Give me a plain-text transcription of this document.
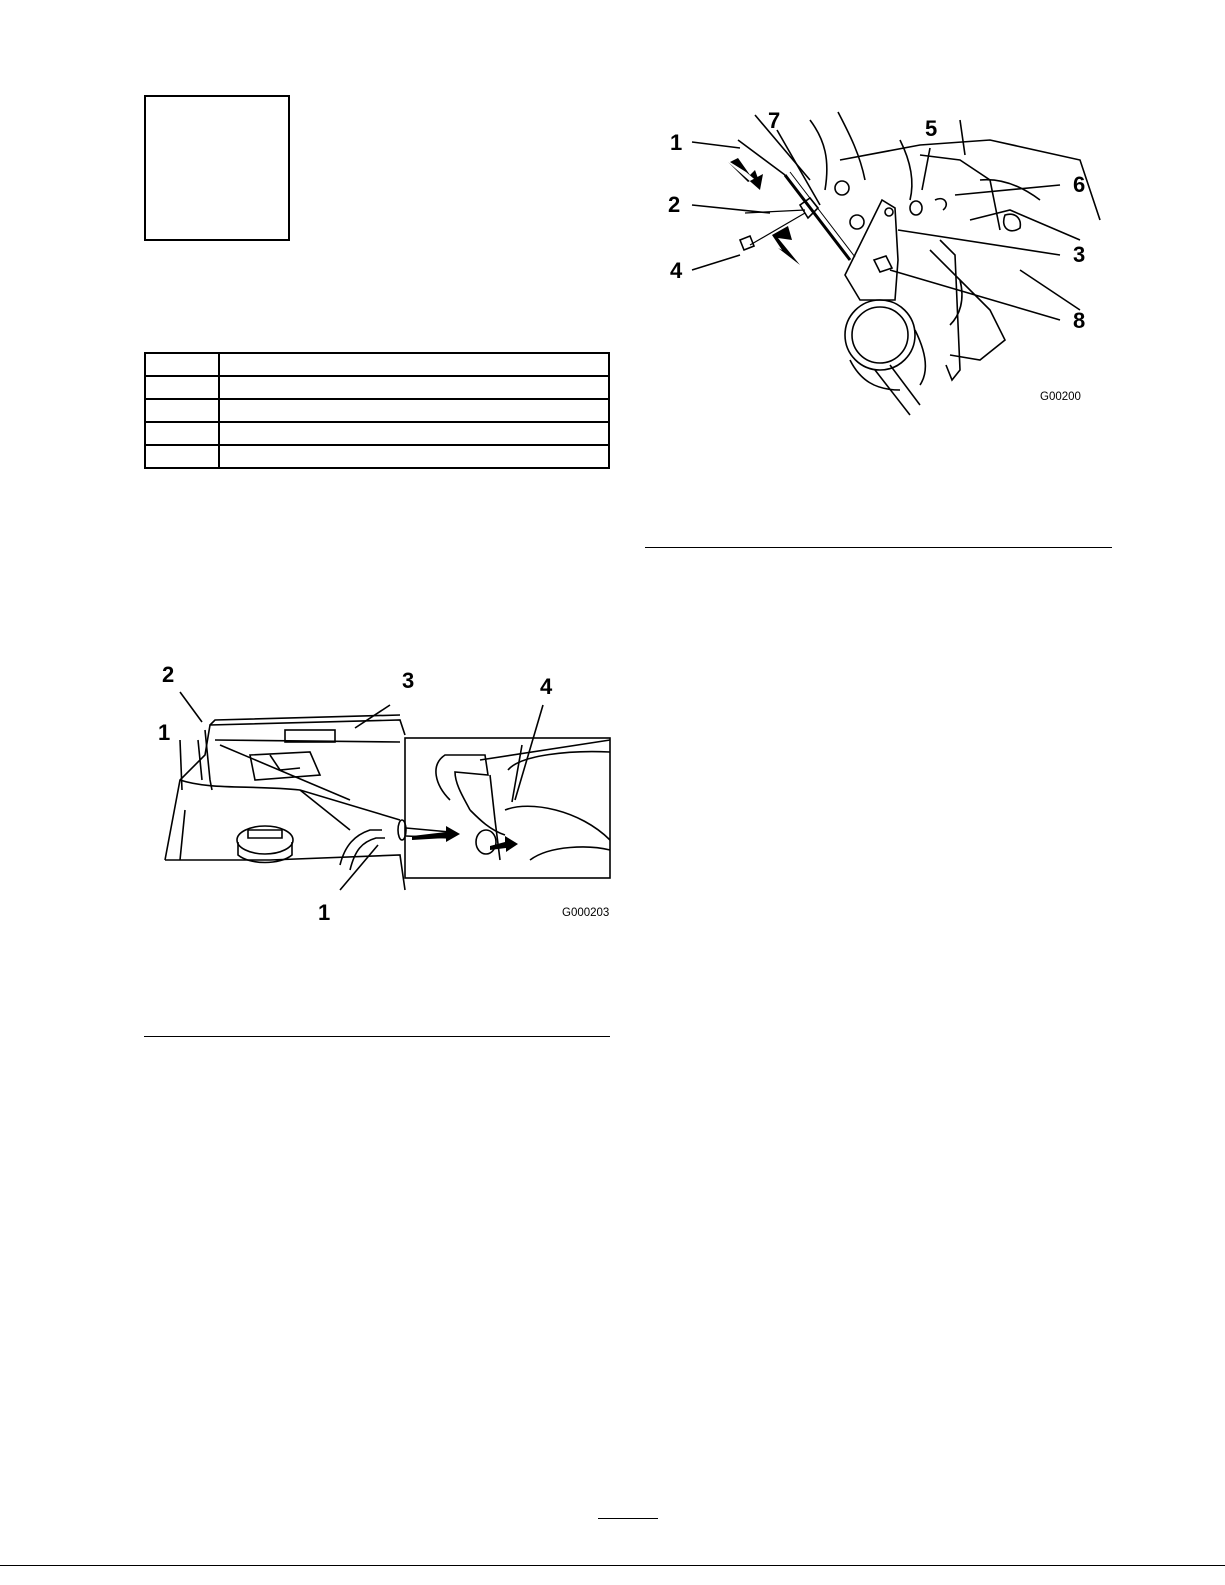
1
2
3
4
5
6
7
8
G00200
2	3
1
4
1	G000203
